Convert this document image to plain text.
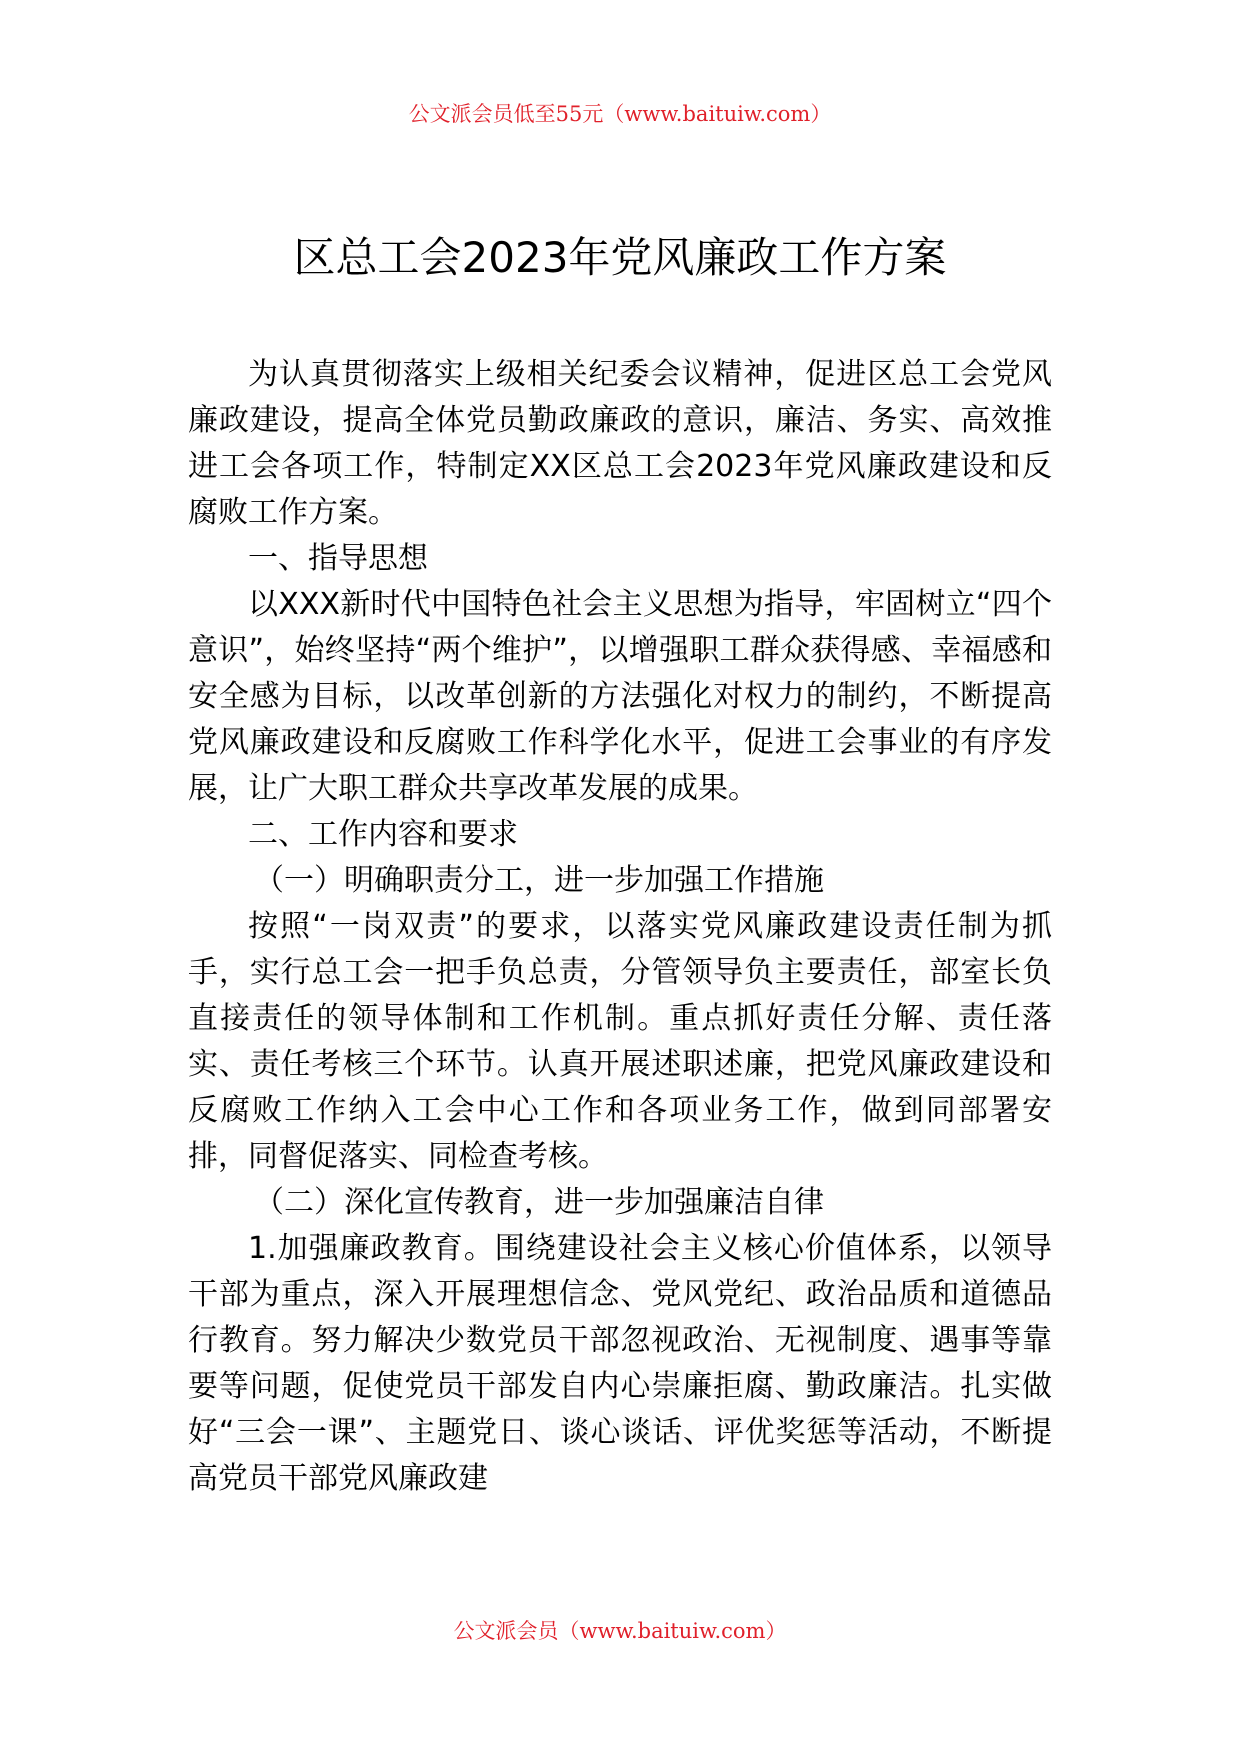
公文派会员低至55元（www.baituiw.com）
区总工会2023年党风廉政工作方案

为认真贯彻落实上级相关纪委会议精神，促进区总工会党风廉政建设，提高全体党员勤政廉政的意识，廉洁、务实、高效推进工会各项工作，特制定XX区总工会2023年党风廉政建设和反腐败工作方案。

一、指导思想

以XXX新时代中国特色社会主义思想为指导，牢固树立“四个意识”，始终坚持“两个维护”，以增强职工群众获得感、幸福感和安全感为目标，以改革创新的方法强化对权力的制约，不断提高党风廉政建设和反腐败工作科学化水平，促进工会事业的有序发展，让广大职工群众共享改革发展的成果。

二、工作内容和要求

（一）明确职责分工，进一步加强工作措施

按照“一岗双责”的要求，以落实党风廉政建设责任制为抓手，实行总工会一把手负总责，分管领导负主要责任，部室长负直接责任的领导体制和工作机制。重点抓好责任分解、责任落实、责任考核三个环节。认真开展述职述廉，把党风廉政建设和反腐败工作纳入工会中心工作和各项业务工作，做到同部署安排，同督促落实、同检查考核。

（二）深化宣传教育，进一步加强廉洁自律

1.加强廉政教育。围绕建设社会主义核心价值体系，以领导干部为重点，深入开展理想信念、党风党纪、政治品质和道德品行教育。努力解决少数党员干部忽视政治、无视制度、遇事等靠要等问题，促使党员干部发自内心崇廉拒腐、勤政廉洁。扎实做好“三会一课”、主题党日、谈心谈话、评优奖惩等活动，不断提高党员干部党风廉政建

公文派会员（www.baituiw.com）
